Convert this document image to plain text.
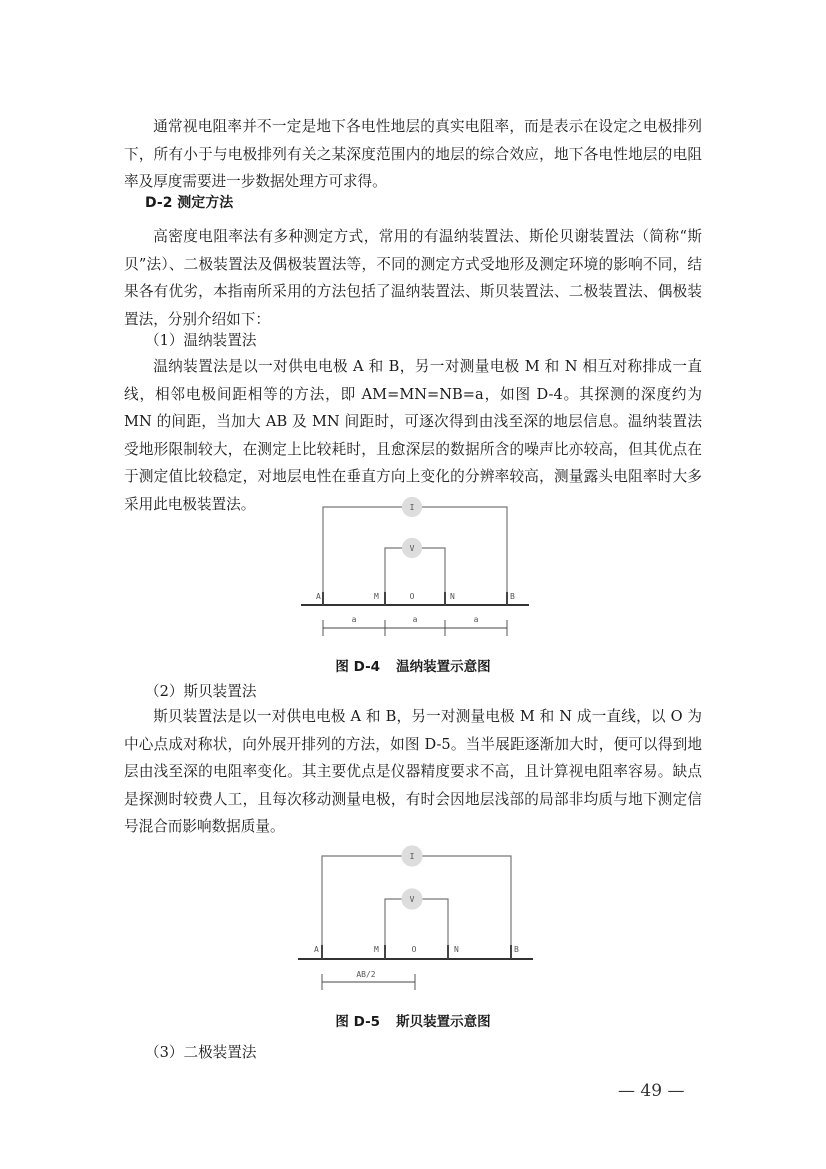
通常视电阻率并不一定是地下各电性地层的真实电阻率，而是表示在设定之电极排列下，所有小于与电极排列有关之某深度范围内的地层的综合效应，地下各电性地层的电阻率及厚度需要进一步数据处理方可求得。

D-2 测定方法

高密度电阻率法有多种测定方式，常用的有温纳装置法、斯伦贝谢装置法（简称“斯贝”法）、二极装置法及偶极装置法等，不同的测定方式受地形及测定环境的影响不同，结果各有优劣，本指南所采用的方法包括了温纳装置法、斯贝装置法、二极装置法、偶极装置法，分别介绍如下：

（1）温纳装置法

温纳装置法是以一对供电电极 A 和 B，另一对测量电极 M 和 N 相互对称排成一直线，相邻电极间距相等的方法，即 AM=MN=NB=a，如图 D-4。其探测的深度约为 MN 的间距，当加大 AB 及 MN 间距时，可逐次得到由浅至深的地层信息。温纳装置法受地形限制较大，在测定上比较耗时，且愈深层的数据所含的噪声比亦较高，但其优点在于测定值比较稳定，对地层电性在垂直方向上变化的分辨率较高，测量露头电阻率时大多采用此电极装置法。	I
V
A	M	O	N	B
a	a	a
I
V
A	M	O	N	B
AB/2
图 D-4 温纳装置示意图
（2）斯贝装置法

斯贝装置法是以一对供电电极 A 和 B，另一对测量电极 M 和 N 成一直线，以 O 为中心点成对称状，向外展开排列的方法，如图 D-5。当半展距逐渐加大时，便可以得到地层由浅至深的电阻率变化。其主要优点是仪器精度要求不高，且计算视电阻率容易。缺点是探测时较费人工，且每次移动测量电极，有时会因地层浅部的局部非均质与地下测定信号混合而影响数据质量。

图 D-5 斯贝装置示意图
（3）二极装置法
— 49 —
